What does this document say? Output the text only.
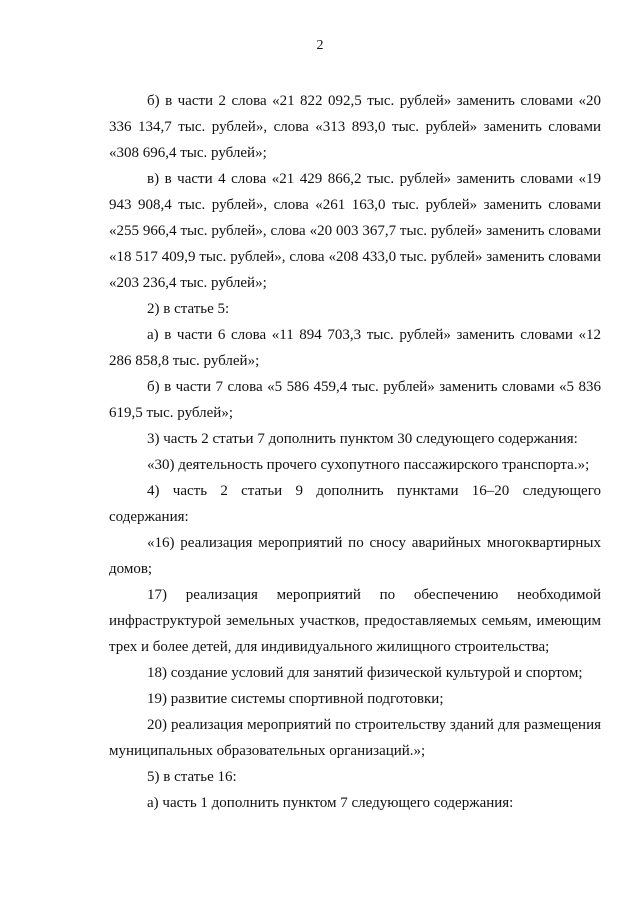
2

б) в части 2 слова «21 822 092,5 тыс. рублей» заменить словами «20 336 134,7 тыс. рублей», слова «313 893,0 тыс. рублей» заменить словами «308 696,4 тыс. рублей»;

в) в части 4 слова «21 429 866,2 тыс. рублей» заменить словами «19 943 908,4 тыс. рублей», слова «261 163,0 тыс. рублей» заменить словами «255 966,4 тыс. рублей», слова «20 003 367,7 тыс. рублей» заменить словами «18 517 409,9 тыс. рублей», слова «208 433,0 тыс. рублей» заменить словами «203 236,4 тыс. рублей»;

2) в статье 5:

а) в части 6 слова «11 894 703,3 тыс. рублей» заменить словами «12 286 858,8 тыс. рублей»;

б) в части 7 слова «5 586 459,4 тыс. рублей» заменить словами «5 836 619,5 тыс. рублей»;

3) часть 2 статьи 7 дополнить пунктом 30 следующего содержания:

«30) деятельность прочего сухопутного пассажирского транспорта.»;

4) часть 2 статьи 9 дополнить пунктами 16–20 следующего содержания:

«16) реализация мероприятий по сносу аварийных многоквартирных домов;

17) реализация мероприятий по обеспечению необходимой инфраструктурой земельных участков, предоставляемых семьям, имеющим трех и более детей, для индивидуального жилищного строительства;

18) создание условий для занятий физической культурой и спортом;

19) развитие системы спортивной подготовки;

20) реализация мероприятий по строительству зданий для размещения муниципальных образовательных организаций.»;

5) в статье 16:

а) часть 1 дополнить пунктом 7 следующего содержания:
